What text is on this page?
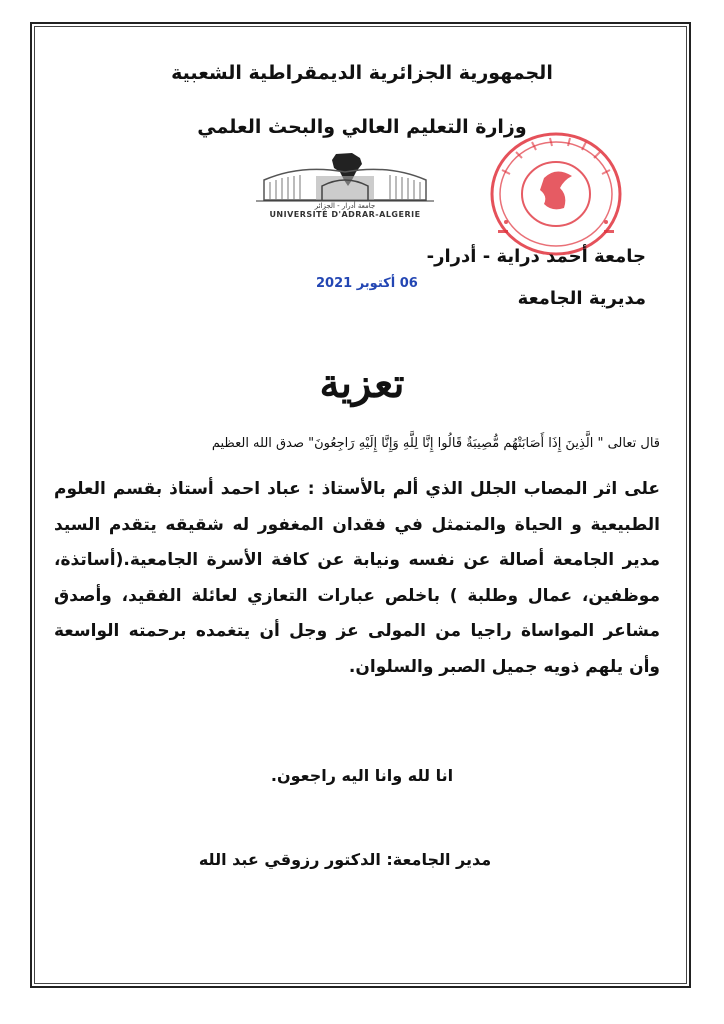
الجمهورية الجزائرية الديمقراطية الشعبية
وزارة التعليم العالي والبحث العلمي
جامعة أدرار - الجزائر
UNIVERSITÉ D'ADRAR-ALGERIE
جامعة أحمد دراية - أدرار-
06 أكتوبر 2021
مديرية الجامعة
تعزية
قال تعالى " الَّذِينَ إِذَا أَصَابَتْهُم مُّصِيبَةٌ قَالُوا إِنَّا لِلَّهِ وَإِنَّا إِلَيْهِ رَاجِعُونَ" صدق الله العظيم
على اثر المصاب الجلل الذي ألم بالأستاذ : عباد احمد أستاذ بقسم العلوم الطبيعية و الحياة والمتمثل في فقدان المغفور له شقيقه يتقدم السيد مدير الجامعة أصالة عن نفسه ونيابة عن كافة الأسرة الجامعية.(أساتذة، موظفين، عمال وطلبة ) باخلص عبارات التعازي لعائلة الفقيد، وأصدق مشاعر المواساة راجيا من المولى عز وجل أن يتغمده برحمته الواسعة وأن يلهم ذويه جميل الصبر والسلوان.
انا لله وانا اليه راجعون.
مدير الجامعة: الدكتور رزوقي عبد الله
